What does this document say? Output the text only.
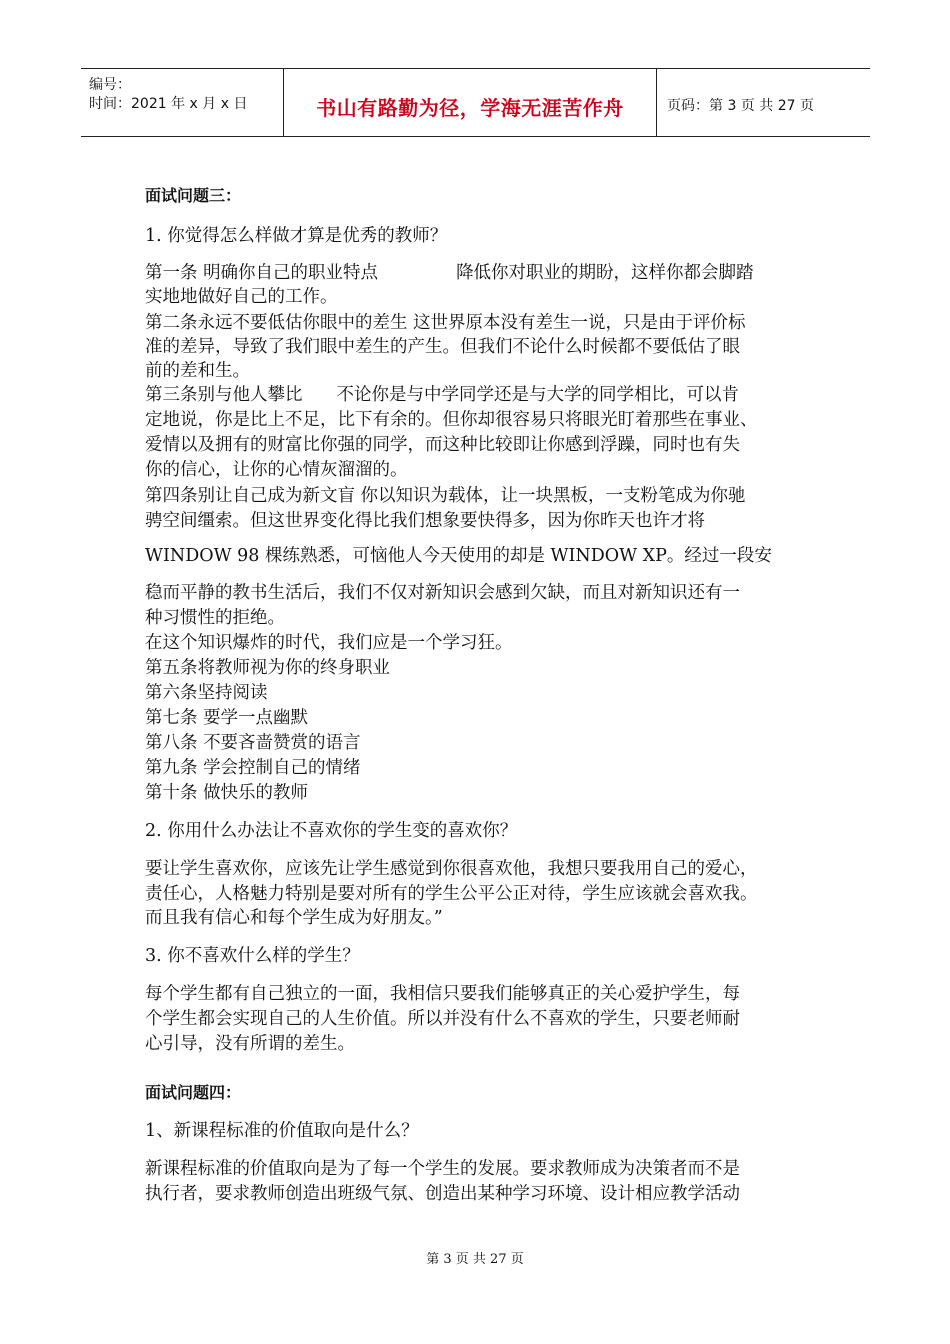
编号：
时间：2021 年 x 月 x 日	书山有路勤为径，学海无涯苦作舟	页码：第 3 页 共 27 页
面试问题三：
1. 你觉得怎么样做才算是优秀的教师？
第一条 明确你自己的职业特点	降低你对职业的期盼，这样你都会脚踏
实地地做好自己的工作。
第二条永远不要低估你眼中的差生 这世界原本没有差生一说，只是由于评价标
准的差异，导致了我们眼中差生的产生。但我们不论什么时候都不要低估了眼
前的差和生。
第三条别与他人攀比 不论你是与中学同学还是与大学的同学相比，可以肯
定地说，你是比上不足，比下有余的。但你却很容易只将眼光盯着那些在事业、
爱情以及拥有的财富比你强的同学，而这种比较即让你感到浮躁，同时也有失
你的信心，让你的心情灰溜溜的。
第四条别让自己成为新文盲 你以知识为载体，让一块黑板，一支粉笔成为你驰
骋空间缰索。但这世界变化得比我们想象要快得多，因为你昨天也许才将
WINDOW 98 棵练熟悉，可恼他人今天使用的却是 WINDOW XP。经过一段安
稳而平静的教书生活后，我们不仅对新知识会感到欠缺，而且对新知识还有一
种习惯性的拒绝。
在这个知识爆炸的时代，我们应是一个学习狂。
第五条将教师视为你的终身职业
第六条坚持阅读
第七条 要学一点幽默
第八条 不要吝啬赞赏的语言
第九条 学会控制自己的情绪
第十条 做快乐的教师
2. 你用什么办法让不喜欢你的学生变的喜欢你？
要让学生喜欢你，应该先让学生感觉到你很喜欢他，我想只要我用自己的爱心，
责任心，人格魅力特别是要对所有的学生公平公正对待，学生应该就会喜欢我。
而且我有信心和每个学生成为好朋友。”
3. 你不喜欢什么样的学生？
每个学生都有自己独立的一面，我相信只要我们能够真正的关心爱护学生，每
个学生都会实现自己的人生价值。所以并没有什么不喜欢的学生，只要老师耐
心引导，没有所谓的差生。
面试问题四：
1、新课程标准的价值取向是什么？
新课程标准的价值取向是为了每一个学生的发展。要求教师成为决策者而不是
执行者，要求教师创造出班级气氛、创造出某种学习环境、设计相应教学活动
第 3 页 共 27 页
